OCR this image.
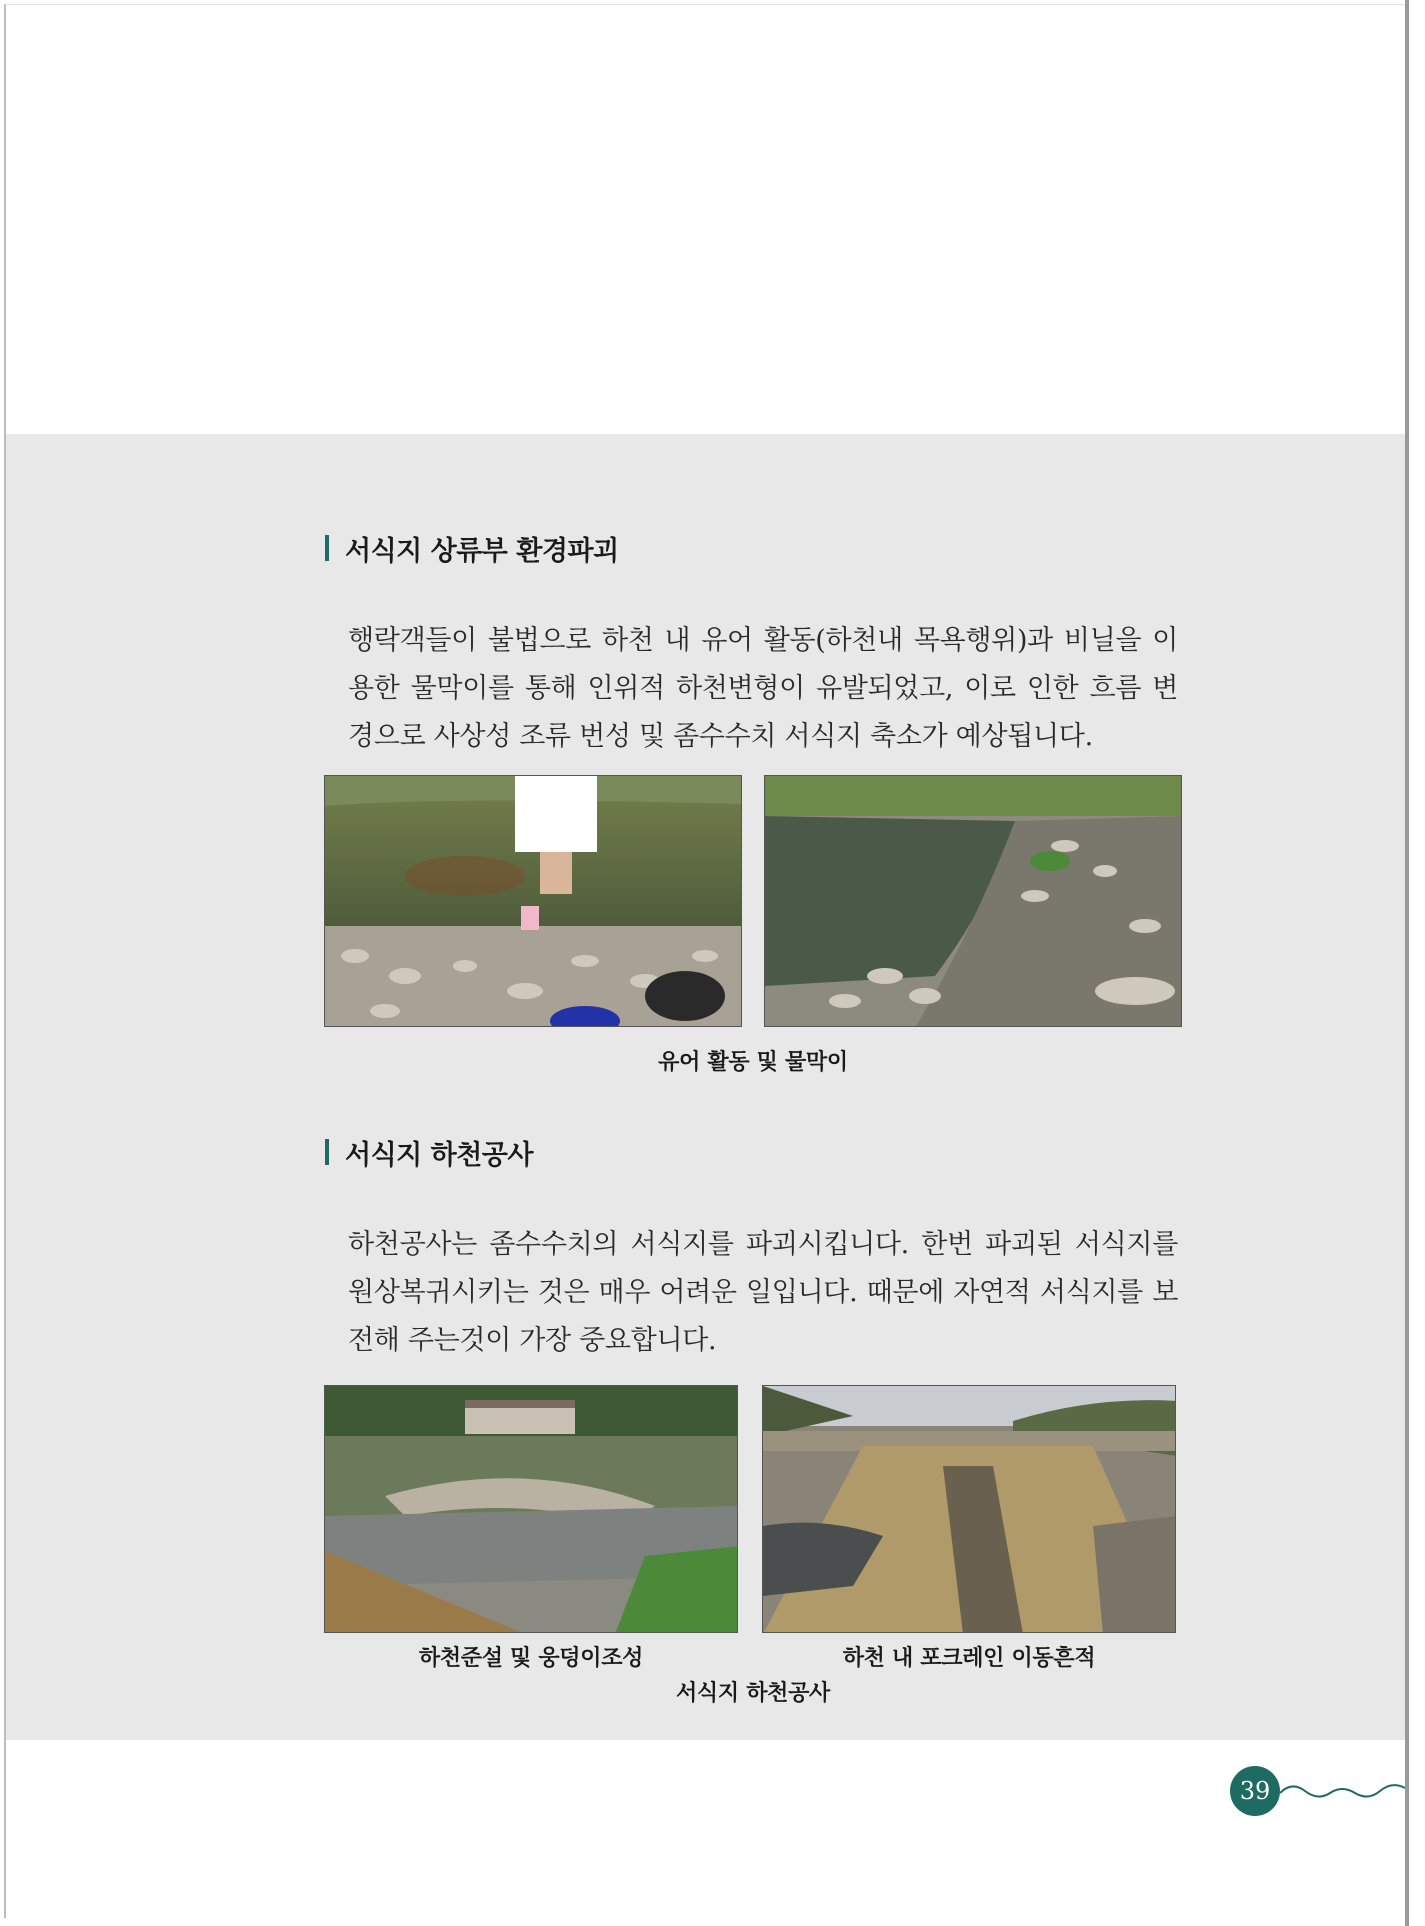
서식지 상류부 환경파괴
행락객들이 불법으로 하천 내 유어 활동(하천내 목욕행위)과 비닐을 이용한 물막이를 통해 인위적 하천변형이 유발되었고, 이로 인한 흐름 변경으로 사상성 조류 번성 및 좀수수치 서식지 축소가 예상됩니다.
유어 활동 및 물막이
서식지 하천공사
하천공사는 좀수수치의 서식지를 파괴시킵니다. 한번 파괴된 서식지를 원상복귀시키는 것은 매우 어려운 일입니다. 때문에 자연적 서식지를 보전해 주는것이 가장 중요합니다.
하천준설 및 웅덩이조성	하천 내 포크레인 이동흔적
서식지 하천공사
39
